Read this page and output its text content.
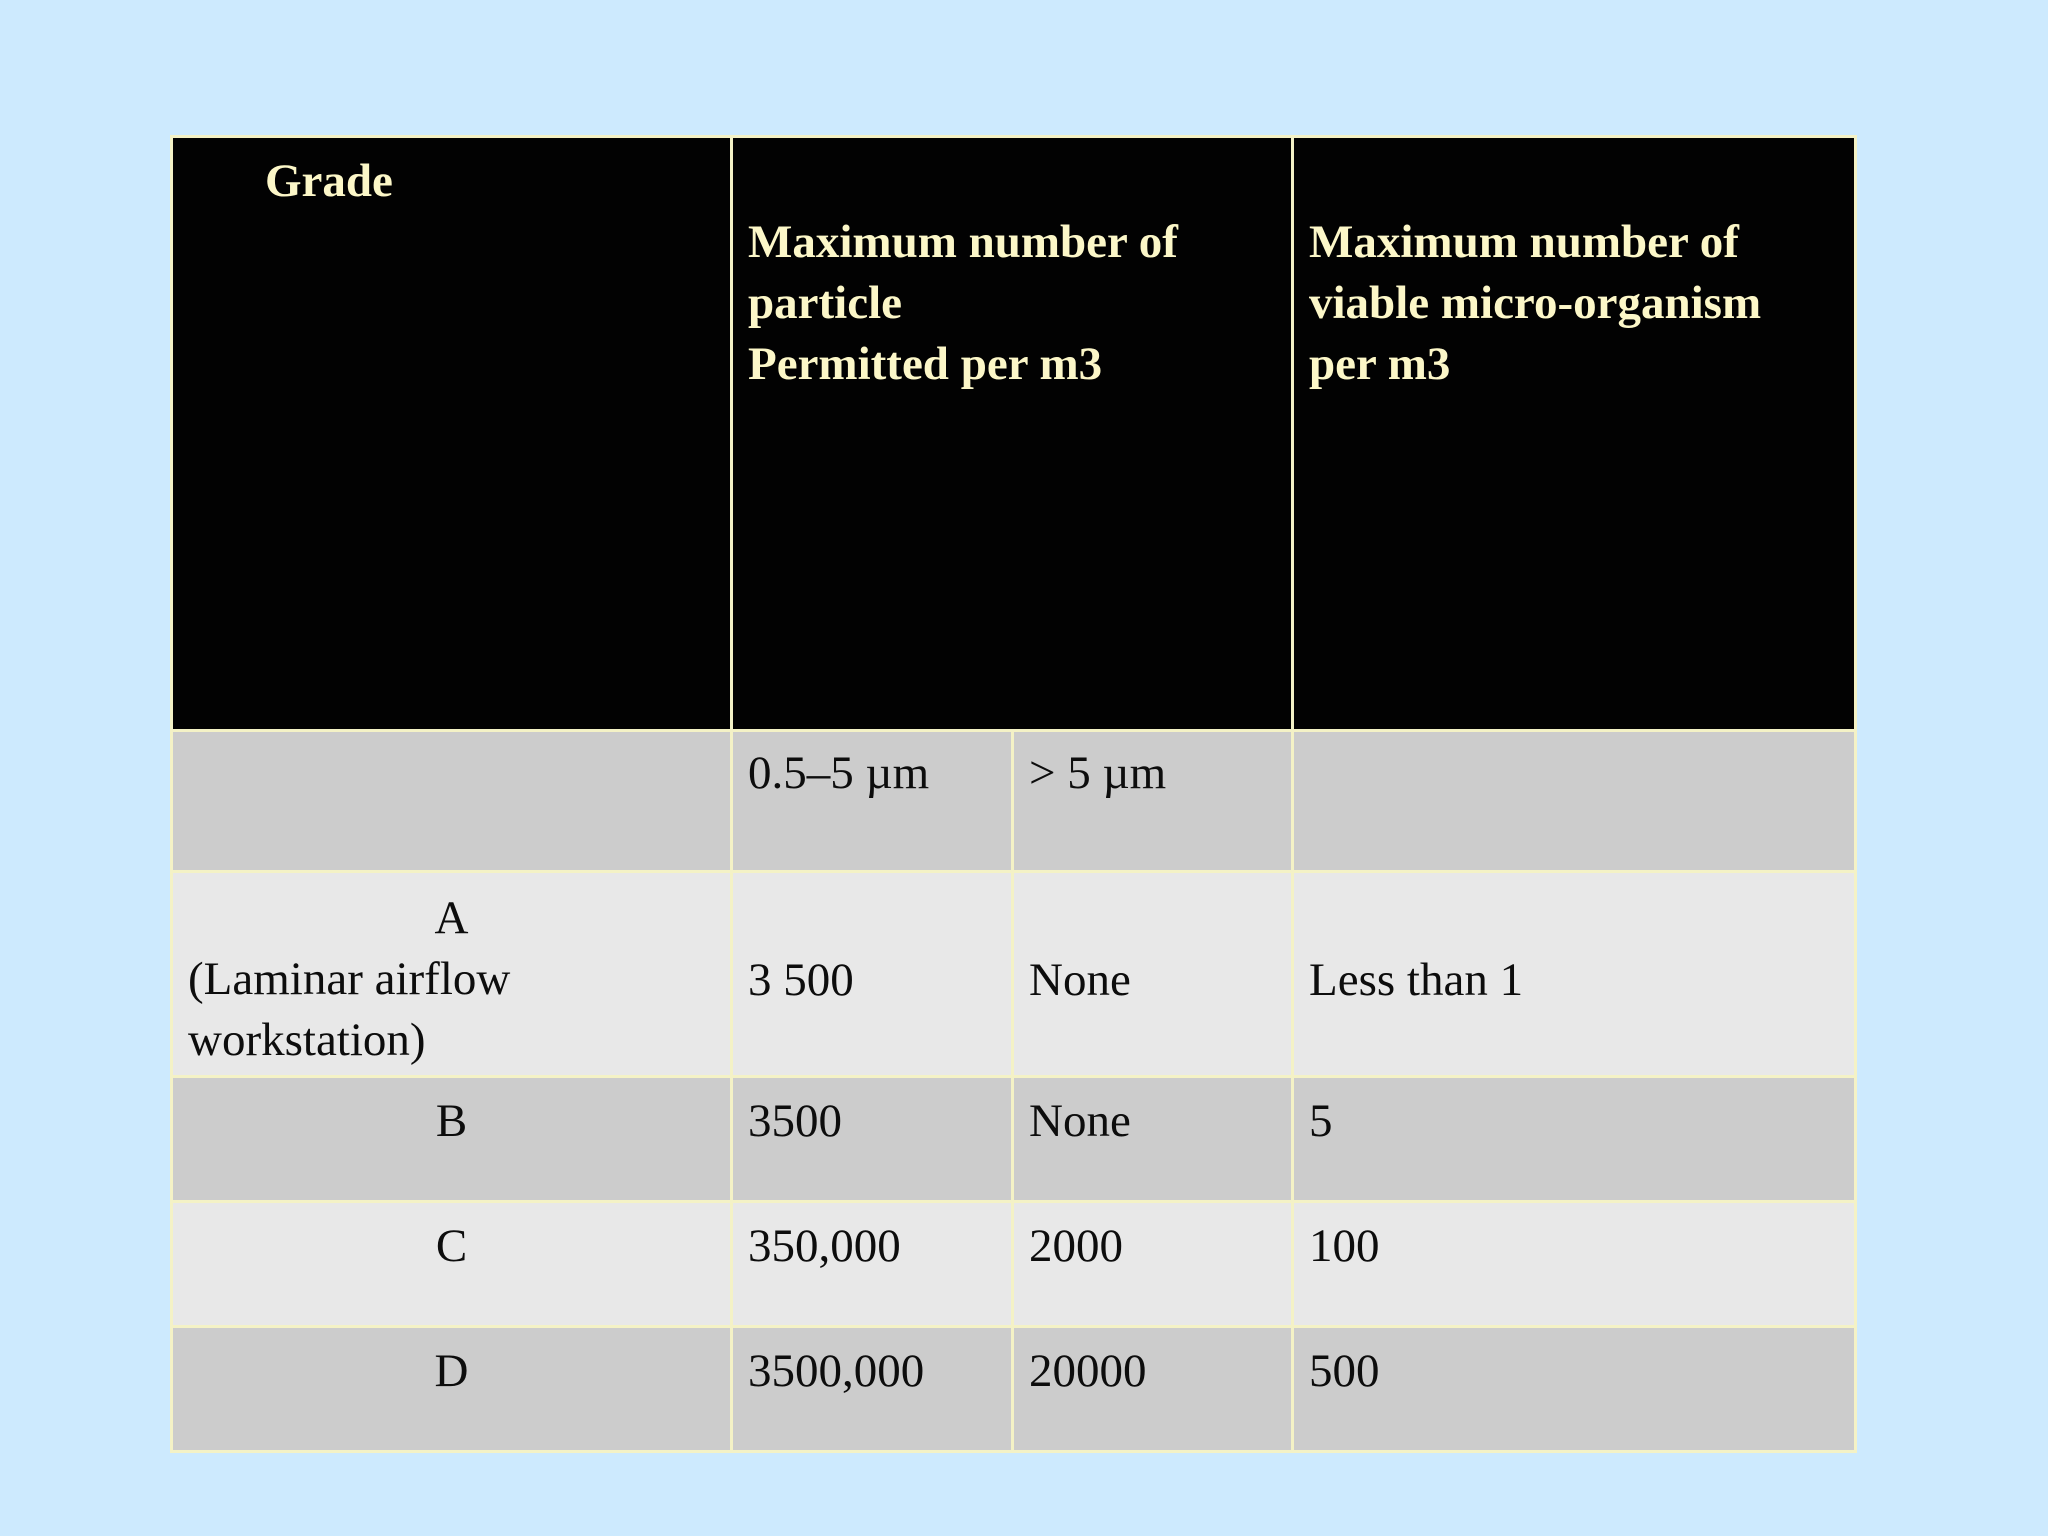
Grade	Maximum number of
particle
Permitted per m3		Maximum number of
viable micro-organism
per m3

	0.5–5 µm	> 5 µm	

A
(Laminar airflow
workstation)	3 500	None	Less than 1

B	3500	None	5

C	350,000	2000	100

D	3500,000	20000	500
